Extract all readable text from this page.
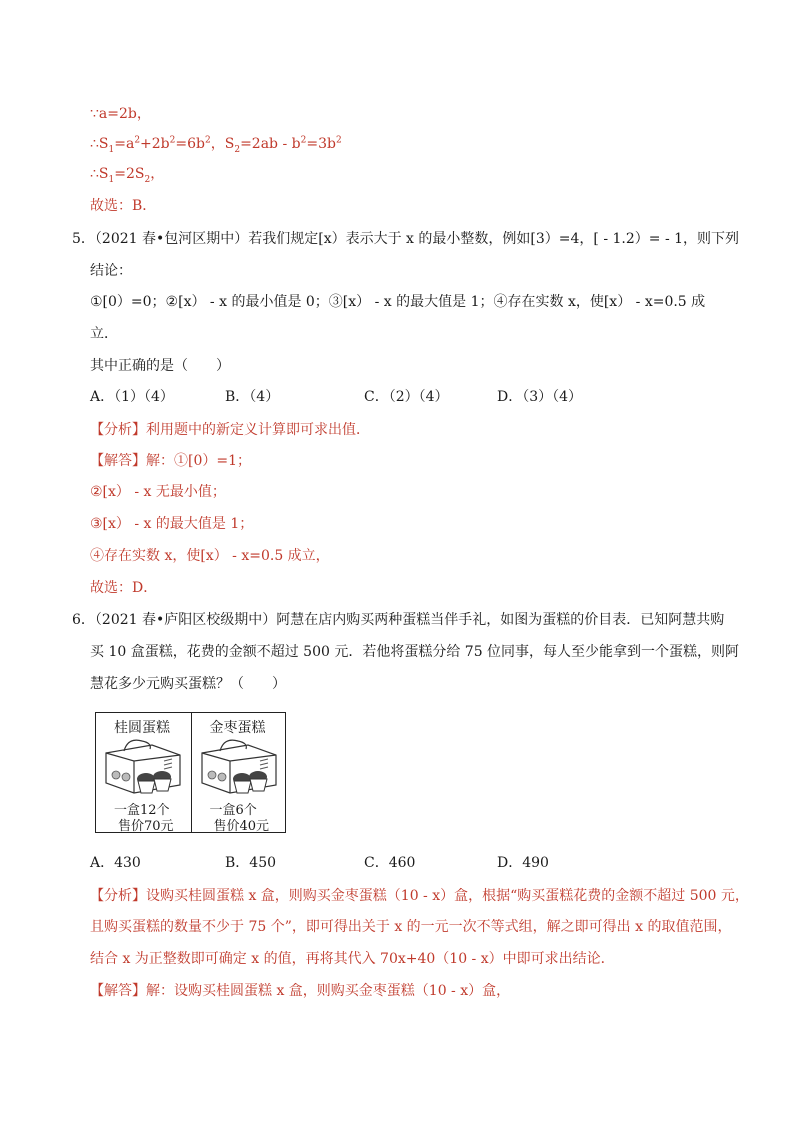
∵a=2b，
$\therefore S_1=a^2+2b^2=6b^2$，$S_2=2ab - b^2=3b^2$
$\therefore S_1=2S_2$，
故选：B．
5．（2021 春•包河区期中）若我们规定[x）表示大于 x 的最小整数，例如[3）=4，[ - 1.2）= - 1，则下列
结论：
①[0）=0；②[x） - x 的最小值是 0；③[x） - x 的最大值是 1；④存在实数 x，使[x） - x=0.5 成
立．
其中正确的是（　　）
A．（1）（4）	B．（4）	C．（2）（4）	D．（3）（4）
【分析】利用题中的新定义计算即可求出值．
【解答】解：①[0）=1；
②[x） - x 无最小值；
③[x） - x 的最大值是 1；
④存在实数 x，使[x） - x=0.5 成立，
故选：D．
6．（2021 春•庐阳区校级期中）阿慧在店内购买两种蛋糕当伴手礼，如图为蛋糕的价目表．已知阿慧共购
买 10 盒蛋糕，花费的金额不超过 500 元．若他将蛋糕分给 75 位同事，每人至少能拿到一个蛋糕，则阿
慧花多少元购买蛋糕？（　　）
桂圆蛋糕
一盒12个
售价70元
金枣蛋糕
一盒6个
售价40元
A．430	B．450	C．460	D．490
【分析】设购买桂圆蛋糕 x 盒，则购买金枣蛋糕（10 - x）盒，根据“购买蛋糕花费的金额不超过 500 元，
且购买蛋糕的数量不少于 75 个”，即可得出关于 x 的一元一次不等式组，解之即可得出 x 的取值范围，
结合 x 为正整数即可确定 x 的值，再将其代入 70x+40（10 - x）中即可求出结论．
【解答】解：设购买桂圆蛋糕 x 盒，则购买金枣蛋糕（10 - x）盒，
